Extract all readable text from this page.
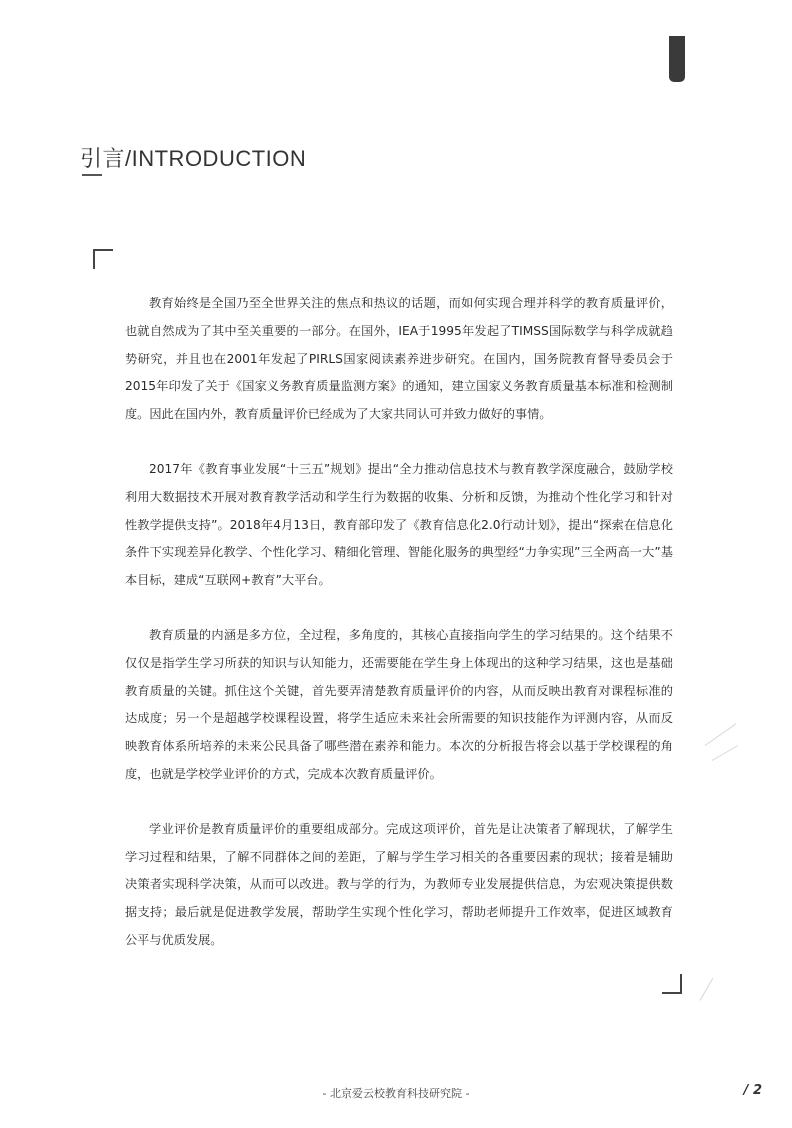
引言/INTRODUCTION

教育始终是全国乃至全世界关注的焦点和热议的话题，而如何实现合理并科学的教育质量评价，也就自然成为了其中至关重要的一部分。在国外，IEA于1995年发起了TIMSS国际数学与科学成就趋势研究，并且也在2001年发起了PIRLS国家阅读素养进步研究。在国内，国务院教育督导委员会于2015年印发了关于《国家义务教育质量监测方案》的通知，建立国家义务教育质量基本标准和检测制度。因此在国内外，教育质量评价已经成为了大家共同认可并致力做好的事情。

2017年《教育事业发展“十三五”规划》提出“全力推动信息技术与教育教学深度融合，鼓励学校利用大数据技术开展对教育教学活动和学生行为数据的收集、分析和反馈，为推动个性化学习和针对性教学提供支持”。2018年4月13日，教育部印发了《教育信息化2.0行动计划》，提出“探索在信息化条件下实现差异化教学、个性化学习、精细化管理、智能化服务的典型经“力争实现”三全两高一大”基本目标，建成“互联网+教育”大平台。

教育质量的内涵是多方位，全过程，多角度的，其核心直接指向学生的学习结果的。这个结果不仅仅是指学生学习所获的知识与认知能力，还需要能在学生身上体现出的这种学习结果，这也是基础教育质量的关键。抓住这个关键，首先要弄清楚教育质量评价的内容，从而反映出教育对课程标准的达成度；另一个是超越学校课程设置，将学生适应未来社会所需要的知识技能作为评测内容，从而反映教育体系所培养的未来公民具备了哪些潜在素养和能力。本次的分析报告将会以基于学校课程的角度，也就是学校学业评价的方式，完成本次教育质量评价。

学业评价是教育质量评价的重要组成部分。完成这项评价，首先是让决策者了解现状，了解学生学习过程和结果，了解不同群体之间的差距，了解与学生学习相关的各重要因素的现状；接着是辅助决策者实现科学决策，从而可以改进。教与学的行为，为教师专业发展提供信息，为宏观决策提供数据支持；最后就是促进教学发展，帮助学生实现个性化学习，帮助老师提升工作效率，促进区域教育公平与优质发展。

- 北京爱云校教育科技研究院 -	/ 2
